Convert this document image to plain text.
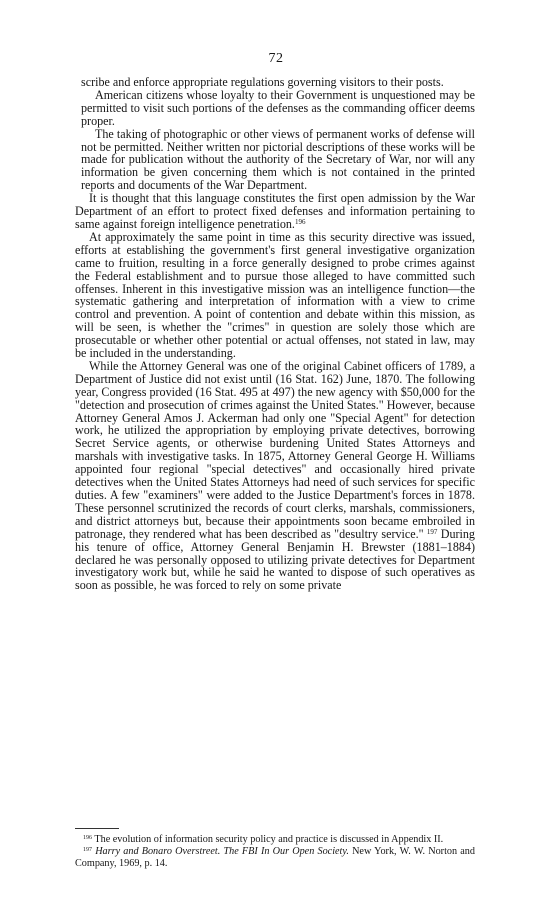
72

scribe and enforce appropriate regulations governing visitors to their posts.

American citizens whose loyalty to their Government is unquestioned may be permitted to visit such portions of the defenses as the commanding officer deems proper.

The taking of photographic or other views of permanent works of defense will not be permitted. Neither written nor pictorial descriptions of these works will be made for publication without the authority of the Secretary of War, nor will any information be given concerning them which is not contained in the printed reports and documents of the War Department.

It is thought that this language constitutes the first open admission by the War Department of an effort to protect fixed defenses and information pertaining to same against foreign intelligence penetration.$^{196}$

At approximately the same point in time as this security directive was issued, efforts at establishing the government's first general investigative organization came to fruition, resulting in a force generally designed to probe crimes against the Federal establishment and to pursue those alleged to have committed such offenses. Inherent in this investigative mission was an intelligence function—the systematic gathering and interpretation of information with a view to crime control and prevention. A point of contention and debate within this mission, as will be seen, is whether the "crimes" in question are solely those which are prosecutable or whether other potential or actual offenses, not stated in law, may be included in the understanding.

While the Attorney General was one of the original Cabinet officers of 1789, a Department of Justice did not exist until (16 Stat. 162) June, 1870. The following year, Congress provided (16 Stat. 495 at 497) the new agency with $50,000 for the "detection and prosecution of crimes against the United States." However, because Attorney General Amos J. Ackerman had only one "Special Agent" for detection work, he utilized the appropriation by employing private detectives, borrowing Secret Service agents, or otherwise burdening United States Attorneys and marshals with investigative tasks. In 1875, Attorney General George H. Williams appointed four regional "special detectives" and occasionally hired private detectives when the United States Attorneys had need of such services for specific duties. A few "examiners" were added to the Justice Department's forces in 1878. These personnel scrutinized the records of court clerks, marshals, commissioners, and district attorneys but, because their appointments soon became embroiled in patronage, they rendered what has been described as "desultry service." $^{197}$ During his tenure of office, Attorney General Benjamin H. Brewster (1881–1884) declared he was personally opposed to utilizing private detectives for Department investigatory work but, while he said he wanted to dispose of such operatives as soon as possible, he was forced to rely on some private

$^{196}$ The evolution of information security policy and practice is discussed in Appendix II.

$^{197}$ Harry and Bonaro Overstreet. The FBI In Our Open Society. New York, W. W. Norton and Company, 1969, p. 14.
